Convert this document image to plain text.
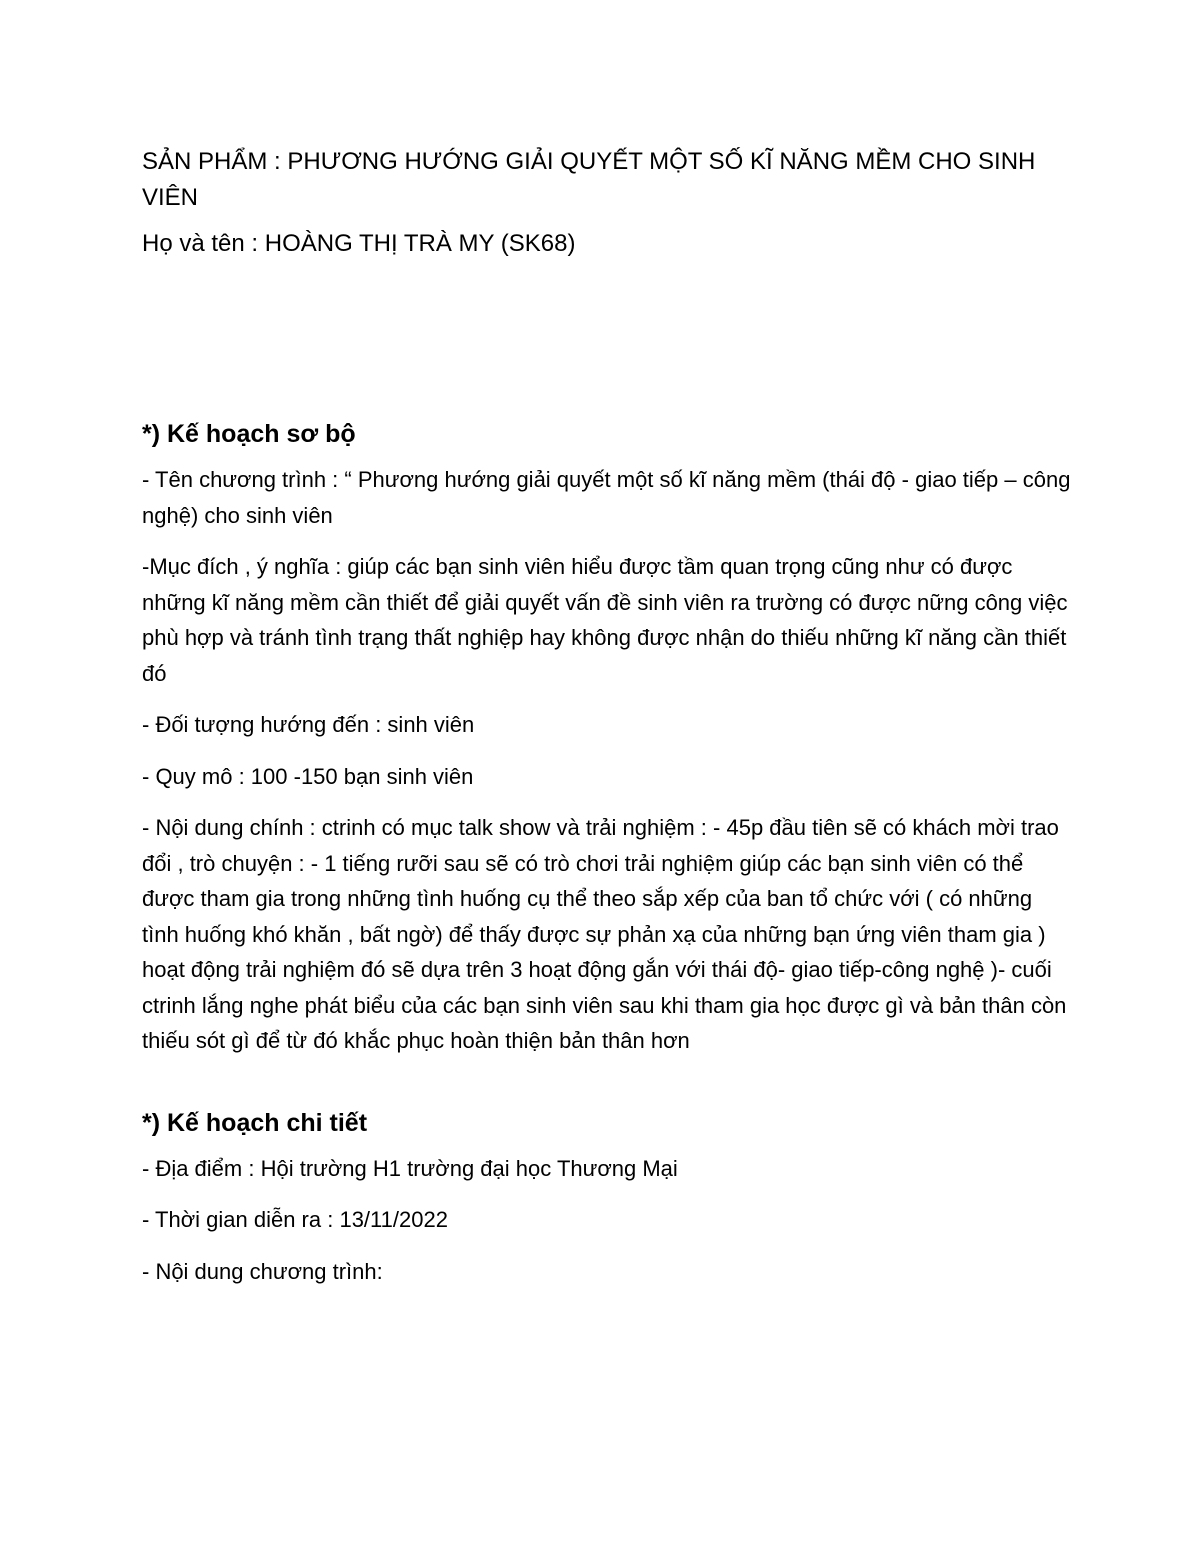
SẢN PHẨM : PHƯƠNG HƯỚNG GIẢI QUYẾT MỘT SỐ KĨ NĂNG MỀM CHO SINH VIÊN

Họ và tên : HOÀNG THỊ TRÀ MY (SK68)

*) Kế hoạch sơ bộ

- Tên chương trình : “ Phương hướng giải quyết một số kĩ năng mềm (thái độ - giao tiếp – công nghệ) cho sinh viên

-Mục đích , ý nghĩa : giúp các bạn sinh viên hiểu được tầm quan trọng cũng như có được những kĩ năng mềm cần thiết để giải quyết vấn đề sinh viên ra trường có được nững công việc phù hợp và tránh tình trạng thất nghiệp hay không được nhận do thiếu những kĩ năng cần thiết đó

- Đối tượng hướng đến : sinh viên

- Quy mô : 100 -150 bạn sinh viên

- Nội dung chính : ctrinh có mục talk show và trải nghiệm : - 45p đầu tiên sẽ có khách mời trao đổi , trò chuyện : - 1 tiếng rưỡi sau sẽ có trò chơi trải nghiệm giúp các bạn sinh viên có thể được tham gia trong những tình huống cụ thể theo sắp xếp của ban tổ chức với ( có những tình huống khó khăn , bất ngờ) để thấy được sự phản xạ của những bạn ứng viên tham gia ) hoạt động trải nghiệm đó sẽ dựa trên 3 hoạt động gắn với thái độ- giao tiếp-công nghệ )- cuối ctrinh lắng nghe phát biểu của các bạn sinh viên sau khi tham gia học được gì và bản thân còn thiếu sót gì để từ đó khắc phục hoàn thiện bản thân hơn

*) Kế hoạch chi tiết

- Địa điểm : Hội trường H1 trường đại học Thương Mại

- Thời gian diễn ra : 13/11/2022

- Nội dung chương trình:
